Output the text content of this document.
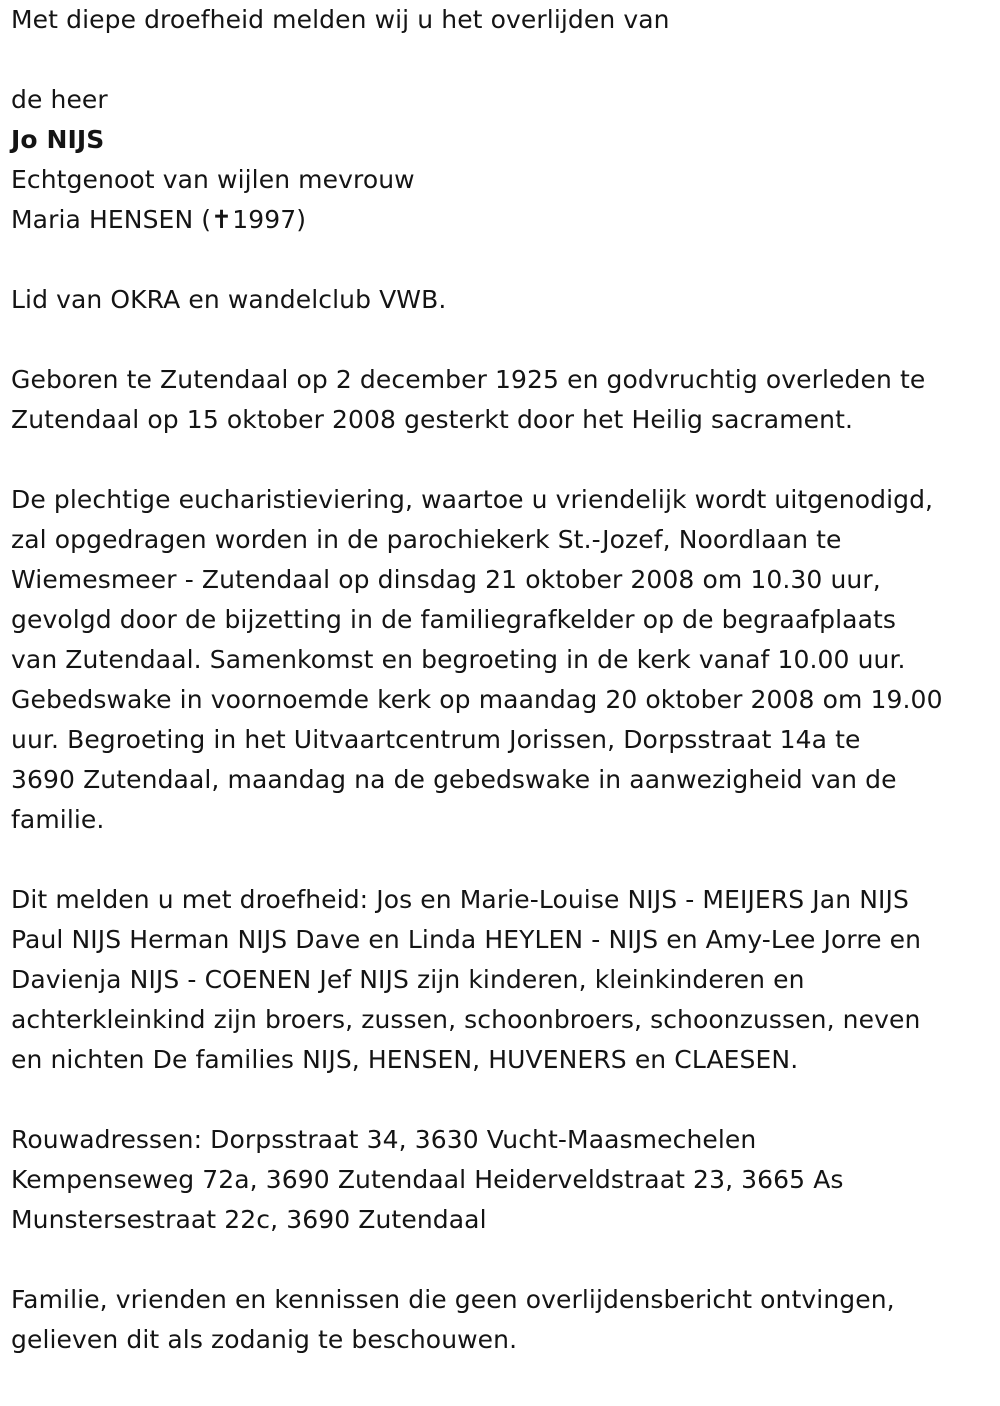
Met diepe droefheid melden wij u het overlijden van
de heer
Jo NIJS
Echtgenoot van wijlen mevrouw
Maria HENSEN (✝1997)
Lid van OKRA en wandelclub VWB.
Geboren te Zutendaal op 2 december 1925 en godvruchtig overleden te
Zutendaal op 15 oktober 2008 gesterkt door het Heilig sacrament.
De plechtige eucharistieviering, waartoe u vriendelijk wordt uitgenodigd,
zal opgedragen worden in de parochiekerk St.-Jozef, Noordlaan te
Wiemesmeer - Zutendaal op dinsdag 21 oktober 2008 om 10.30 uur,
gevolgd door de bijzetting in de familiegrafkelder op de begraafplaats
van Zutendaal. Samenkomst en begroeting in de kerk vanaf 10.00 uur.
Gebedswake in voornoemde kerk op maandag 20 oktober 2008 om 19.00
uur. Begroeting in het Uitvaartcentrum Jorissen, Dorpsstraat 14a te
3690 Zutendaal, maandag na de gebedswake in aanwezigheid van de
familie.
Dit melden u met droefheid: Jos en Marie-Louise NIJS - MEIJERS Jan NIJS
Paul NIJS Herman NIJS Dave en Linda HEYLEN - NIJS en Amy-Lee Jorre en
Davienja NIJS - COENEN Jef NIJS zijn kinderen, kleinkinderen en
achterkleinkind zijn broers, zussen, schoonbroers, schoonzussen, neven
en nichten De families NIJS, HENSEN, HUVENERS en CLAESEN.
Rouwadressen: Dorpsstraat 34, 3630 Vucht-Maasmechelen
Kempenseweg 72a, 3690 Zutendaal Heiderveldstraat 23, 3665 As
Munstersestraat 22c, 3690 Zutendaal
Familie, vrienden en kennissen die geen overlijdensbericht ontvingen,
gelieven dit als zodanig te beschouwen.
